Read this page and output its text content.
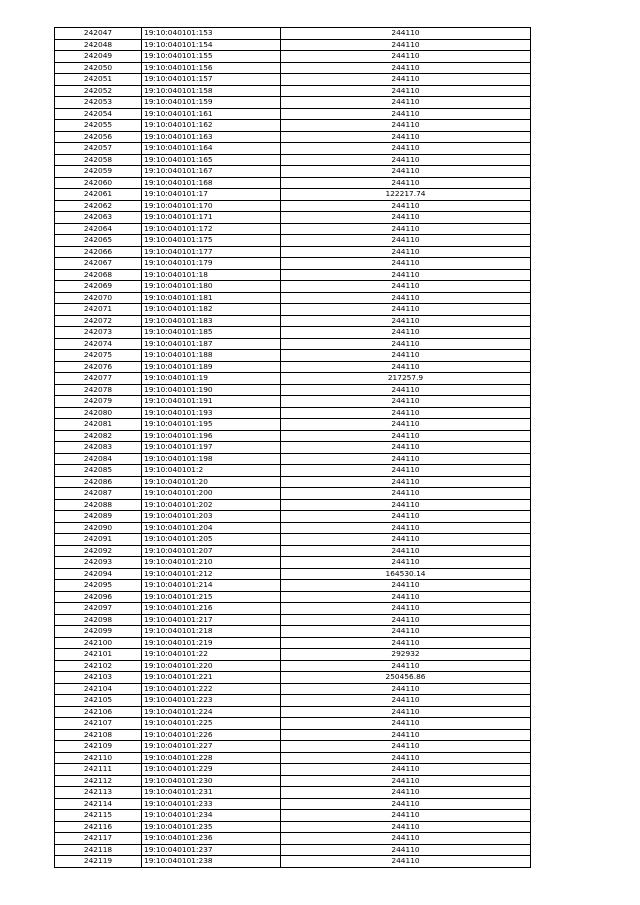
242047	19:10:040101:153	244110
242048	19:10:040101:154	244110
242049	19:10:040101:155	244110
242050	19:10:040101:156	244110
242051	19:10:040101:157	244110
242052	19:10:040101:158	244110
242053	19:10:040101:159	244110
242054	19:10:040101:161	244110
242055	19:10:040101:162	244110
242056	19:10:040101:163	244110
242057	19:10:040101:164	244110
242058	19:10:040101:165	244110
242059	19:10:040101:167	244110
242060	19:10:040101:168	244110
242061	19:10:040101:17	122217.74
242062	19:10:040101:170	244110
242063	19:10:040101:171	244110
242064	19:10:040101:172	244110
242065	19:10:040101:175	244110
242066	19:10:040101:177	244110
242067	19:10:040101:179	244110
242068	19:10:040101:18	244110
242069	19:10:040101:180	244110
242070	19:10:040101:181	244110
242071	19:10:040101:182	244110
242072	19:10:040101:183	244110
242073	19:10:040101:185	244110
242074	19:10:040101:187	244110
242075	19:10:040101:188	244110
242076	19:10:040101:189	244110
242077	19:10:040101:19	217257.9
242078	19:10:040101:190	244110
242079	19:10:040101:191	244110
242080	19:10:040101:193	244110
242081	19:10:040101:195	244110
242082	19:10:040101:196	244110
242083	19:10:040101:197	244110
242084	19:10:040101:198	244110
242085	19:10:040101:2	244110
242086	19:10:040101:20	244110
242087	19:10:040101:200	244110
242088	19:10:040101:202	244110
242089	19:10:040101:203	244110
242090	19:10:040101:204	244110
242091	19:10:040101:205	244110
242092	19:10:040101:207	244110
242093	19:10:040101:210	244110
242094	19:10:040101:212	164530.14
242095	19:10:040101:214	244110
242096	19:10:040101:215	244110
242097	19:10:040101:216	244110
242098	19:10:040101:217	244110
242099	19:10:040101:218	244110
242100	19:10:040101:219	244110
242101	19:10:040101:22	292932
242102	19:10:040101:220	244110
242103	19:10:040101:221	250456.86
242104	19:10:040101:222	244110
242105	19:10:040101:223	244110
242106	19:10:040101:224	244110
242107	19:10:040101:225	244110
242108	19:10:040101:226	244110
242109	19:10:040101:227	244110
242110	19:10:040101:228	244110
242111	19:10:040101:229	244110
242112	19:10:040101:230	244110
242113	19:10:040101:231	244110
242114	19:10:040101:233	244110
242115	19:10:040101:234	244110
242116	19:10:040101:235	244110
242117	19:10:040101:236	244110
242118	19:10:040101:237	244110
242119	19:10:040101:238	244110
